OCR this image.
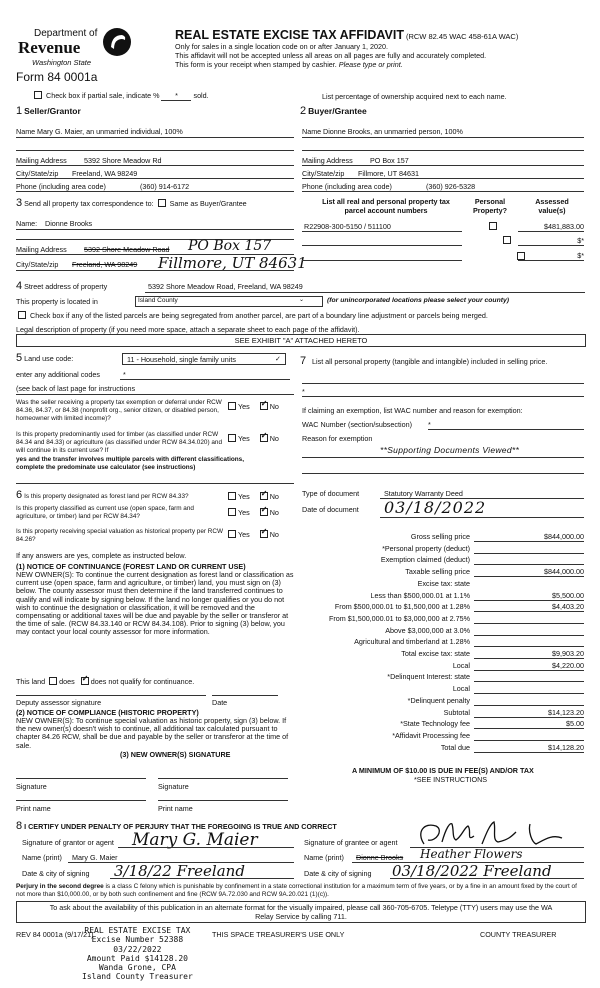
Department of
Revenue
Washington State
Form 84 0001a
REAL ESTATE EXCISE TAX AFFIDAVIT (RCW 82.45 WAC 458-61A WAC)
Only for sales in a single location code on or after January 1, 2020.
This affidavit will not be accepted unless all areas on all pages are fully and accurately completed.
This form is your receipt when stamped by cashier. Please type or print.
Check box if partial sale, indicate % * sold.	List percentage of ownership acquired next to each name.
1 Seller/Grantor
Name Mary G. Maier, an unmarried individual, 100%
Mailing Address 5392 Shore Meadow Rd
City/State/zip Freeland, WA 98249
Phone (including area code)	(360) 914-6172
2 Buyer/Grantee
Name Dionne Brooks, an unmarried person, 100%
Mailing Address PO Box 157
City/State/zip Fillmore, UT 84631
Phone (including area code)	(360) 926-5328
3 Send all property tax correspondence to: Same as Buyer/Grantee
Name: Dionne Brooks
Mailing Address 5392 Shore Meadow Road PO Box 157
City/State/zip Freeland, WA 98249 Fillmore, UT 84631
List all real and personal property tax
parcel account numbers
Personal
Property?
Assessed
value(s)
R22908-300-5150 / 511100
	$481,883.00

$*
$*
4 Street address of property	5392 Shore Meadow Road, Freeland, WA 98249
This property is located in	Island County	⌄	(for unincorporated locations please select your county)
Check box if any of the listed parcels are being segregated from another parcel, are part of a boundary line adjustment or parcels being merged.
Legal description of property (if you need more space, attach a separate sheet to each page of the affidavit).
SEE EXHIBIT "A" ATTACHED HERETO
5 Land use code:	11 - Household, single family units	✓
enter any additional codes	*
(see back of last page for instructions
Was the seller receiving a property tax exemption or deferral under RCW 84.36, 84.37, or 84.38 (nonprofit org., senior citizen, or disabled person, homeowner with limited income)?
Yes ✓	No
Is this property predominantly used for timber (as classified under RCW 84.34 and 84.33) or agriculture (as classified under RCW 84.34.020) and will continue in its current use? If
Yes ✓	No
yes and the transfer involves multiple parcels with different classifications, complete the predominate use calculator (see instructions)
6 Is this property designated as forest land per RCW 84.33?	Yes ✓	No
Is this property classified as current use (open space, farm and agriculture, or timber) land per RCW 84.34?	Yes ✓	No
Is this property receiving special valuation as historical property per RCW 84.26?
Yes ✓	No
If any answers are yes, complete as instructed below.
(1) NOTICE OF CONTINUANCE (FOREST LAND OR CURRENT USE)
NEW OWNER(S): To continue the current designation as forest land or classification as current use (open space, farm and agriculture, or timber) land, you must sign on (3) below. The county assessor must then determine if the land transferred continues to qualify and will indicate by signing below. If the land no longer qualifies or you do not wish to continue the designation or classification, it will be removed and the compensating or additional taxes will be due and payable by the seller or transferor at the time of sale. (RCW 84.33.140 or RCW 84.34.108). Prior to signing (3) below, you may contact your local county assessor for more information.
This land does ✓ does not qualify for continuance.
Deputy assessor signature	Date
(2) NOTICE OF COMPLIANCE (HISTORIC PROPERTY)
NEW OWNER(S): To continue special valuation as historic property, sign (3) below. If the new owner(s) doesn't wish to continue, all additional tax calculated pursuant to chapter 84.26 RCW, shall be due and payable by the seller or transferor at the time of sale.
(3) NEW OWNER(S) SIGNATURE
Signature	Signature
Print name	Print name
7 List all personal property (tangible and intangible) included in selling price.
*
If claiming an exemption, list WAC number and reason for exemption:
WAC Number (section/subsection) *
Reason for exemption
**Supporting Documents Viewed**
Type of document	Statutory Warranty Deed
Date of document 03/18/2022
Gross selling price	$844,000.00
*Personal property (deduct)
Exemption claimed (deduct)
Taxable selling price	$844,000.00
Excise tax: state
Less than $500,000.01 at 1.1%	$5,500.00
From $500,000.01 to $1,500,000 at 1.28%	$4,403.20
From $1,500,000.01 to $3,000,000 at 2.75%
Above $3,000,000 at 3.0%
Agricultural and timberland at 1.28%
Total excise tax: state	$9,903.20
Local	$4,220.00
*Delinquent Interest: state
Local
*Delinquent penalty
Subtotal	$14,123.20
*State Technology fee	$5.00
*Affidavit Processing fee
Total due	$14,128.20
A MINIMUM OF $10.00 IS DUE IN FEE(S) AND/OR TAX
*SEE INSTRUCTIONS
8 I CERTIFY UNDER PENALTY OF PERJURY THAT THE FOREGOING IS TRUE AND CORRECT
Signature of grantor or agent Mary G. Maier	Signature of grantee or agent
Name (print) Mary G. Maier	Name (print) Dionne Brooks Heather Flowers
Date & city of signing 3/18/22 Freeland	Date & city of signing 03/18/2022 Freeland
Perjury in the second degree is a class C felony which is punishable by confinement in a state correctional institution for a maximum term of five years, or by a fine in an amount fixed by the court of not more than $10,000.00, or by both such confinement and fine (RCW 9A.72.030 and RCW 9A.20.021 (1)(c)).
To ask about the availability of this publication in an alternate format for the visually impaired, please call 360-705-6705. Teletype (TTY) users may use the WA Relay Service by calling 711.
REV 84 0001a (9/17/21)	THIS SPACE TREASURER'S USE ONLY	COUNTY TREASURER
REAL ESTATE EXCISE TAX
Excise Number 52388
03/22/2022
Amount Paid $14128.20
Wanda Grone, CPA
Island County Treasurer
